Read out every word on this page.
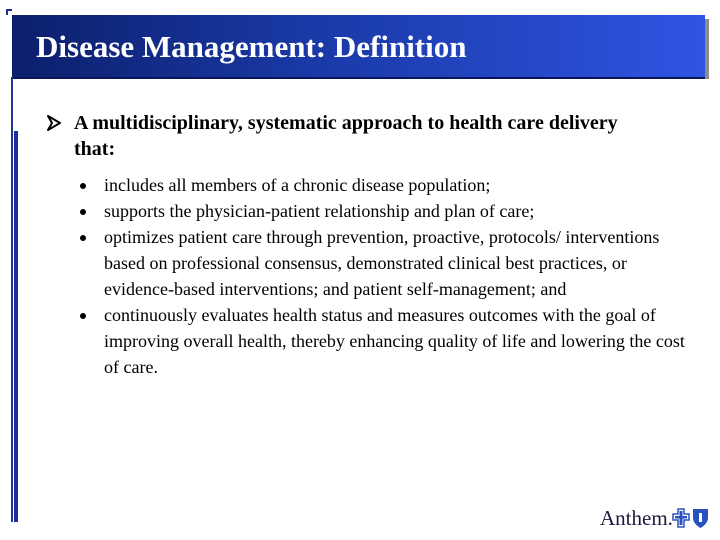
Disease Management: Definition
A multidisciplinary, systematic approach to health care delivery that:
includes all members of a chronic disease population;
supports the physician-patient relationship and plan of care;
optimizes patient care through prevention, proactive, protocols/ interventions based on professional consensus, demonstrated clinical best practices, or evidence-based interventions; and patient self-management; and
continuously evaluates health status and measures outcomes with the goal of improving overall health, thereby enhancing quality of life and lowering the cost of care.
Anthem.
